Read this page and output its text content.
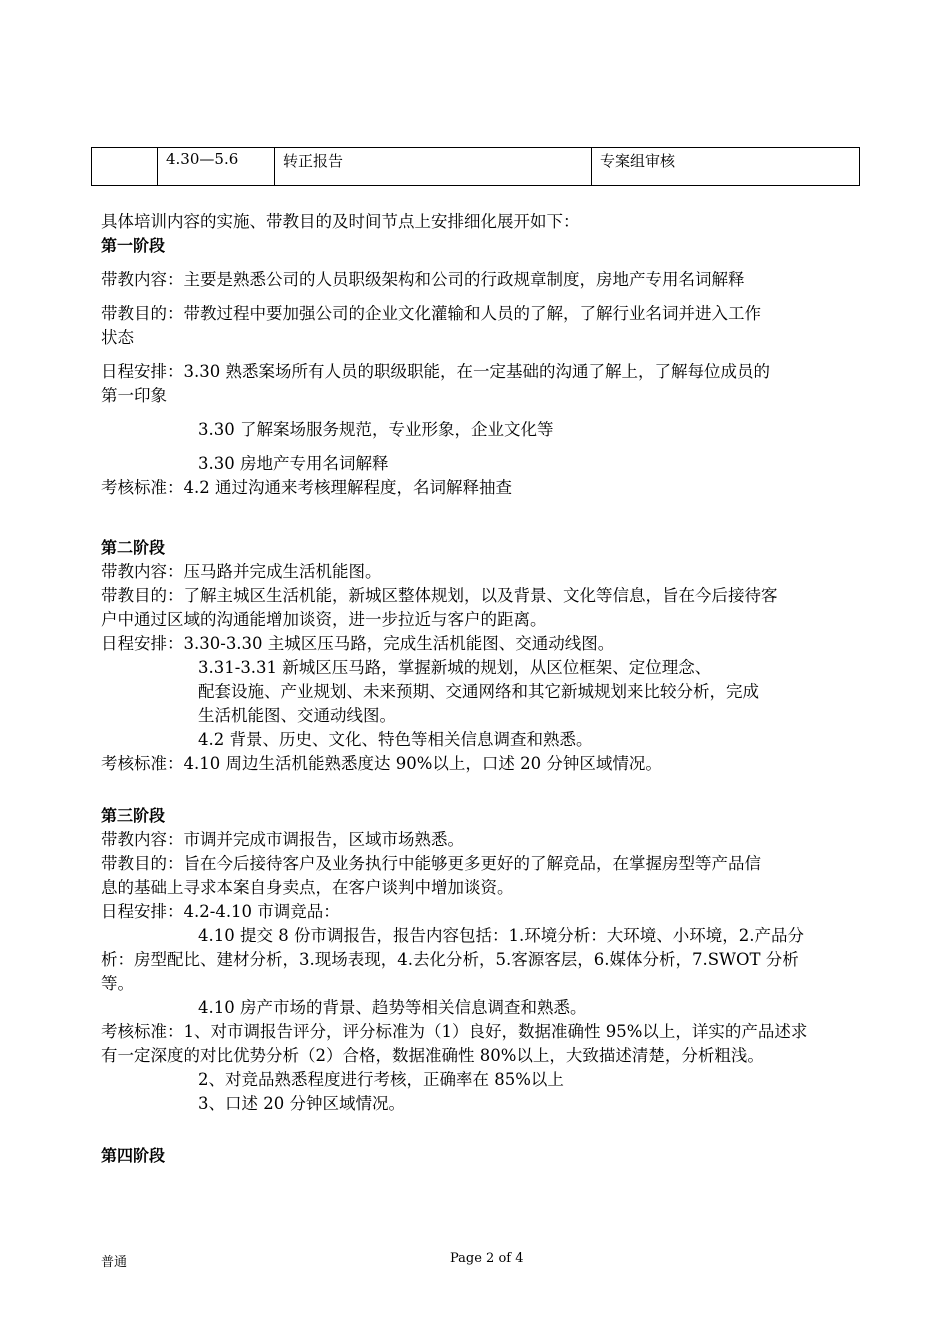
	4.30—5.6	转正报告	专案组审核

具体培训内容的实施、带教目的及时间节点上安排细化展开如下：

第一阶段

带教内容：主要是熟悉公司的人员职级架构和公司的行政规章制度，房地产专用名词解释

带教目的：带教过程中要加强公司的企业文化灌输和人员的了解，了解行业名词并进入工作

状态

日程安排：3.30 熟悉案场所有人员的职级职能，在一定基础的沟通了解上，了解每位成员的

第一印象

3.30 了解案场服务规范，专业形象，企业文化等

3.30 房地产专用名词解释

考核标准：4.2 通过沟通来考核理解程度，名词解释抽查

第二阶段

带教内容：压马路并完成生活机能图。

带教目的：了解主城区生活机能，新城区整体规划，以及背景、文化等信息，旨在今后接待客

户中通过区域的沟通能增加谈资，进一步拉近与客户的距离。

日程安排：3.30-3.30 主城区压马路，完成生活机能图、交通动线图。

3.31-3.31 新城区压马路，掌握新城的规划，从区位框架、定位理念、

配套设施、产业规划、未来预期、交通网络和其它新城规划来比较分析，完成

生活机能图、交通动线图。

4.2 背景、历史、文化、特色等相关信息调查和熟悉。

考核标准：4.10 周边生活机能熟悉度达 90%以上，口述 20 分钟区域情况。

第三阶段

带教内容：市调并完成市调报告，区域市场熟悉。

带教目的：旨在今后接待客户及业务执行中能够更多更好的了解竞品，在掌握房型等产品信

息的基础上寻求本案自身卖点，在客户谈判中增加谈资。

日程安排：4.2-4.10 市调竞品：

4.10 提交 8 份市调报告，报告内容包括：1.环境分析：大环境、小环境，2.产品分

析：房型配比、建材分析，3.现场表现，4.去化分析，5.客源客层，6.媒体分析，7.SWOT 分析

等。

4.10 房产市场的背景、趋势等相关信息调查和熟悉。

考核标准：1、对市调报告评分，评分标准为（1）良好，数据准确性 95%以上，详实的产品述求

有一定深度的对比优势分析（2）合格，数据准确性 80%以上，大致描述清楚，分析粗浅。

2、对竞品熟悉程度进行考核，正确率在 85%以上

3、口述 20 分钟区域情况。

第四阶段

普通	Page 2 of 4
